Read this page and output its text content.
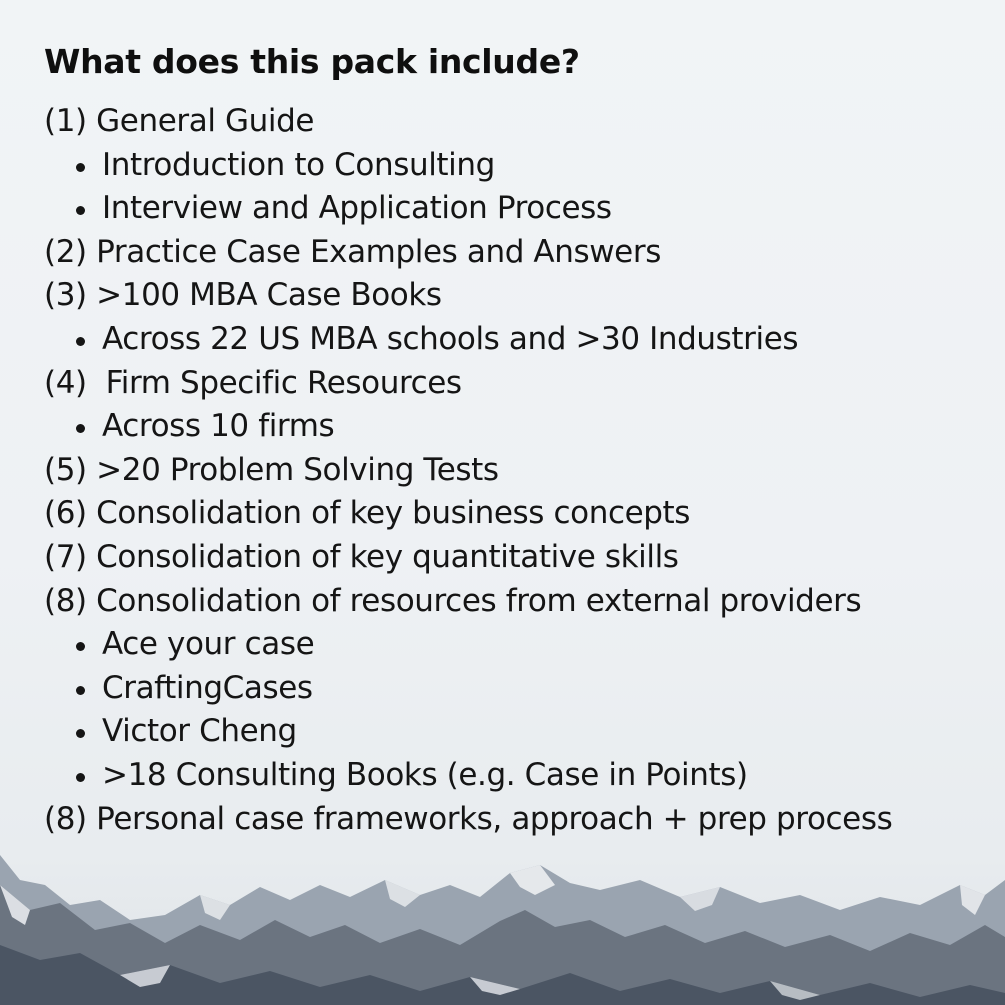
What does this pack include?
(1) General Guide
Introduction to Consulting
Interview and Application Process
(2) Practice Case Examples and Answers
(3) >100 MBA Case Books
Across 22 US MBA schools and >30 Industries
(4)  Firm Specific Resources
Across 10 firms
(5) >20 Problem Solving Tests
(6) Consolidation of key business concepts
(7) Consolidation of key quantitative skills
(8) Consolidation of resources from external providers
Ace your case
CraftingCases
Victor Cheng
>18 Consulting Books (e.g. Case in Points)
(8) Personal case frameworks, approach + prep process
